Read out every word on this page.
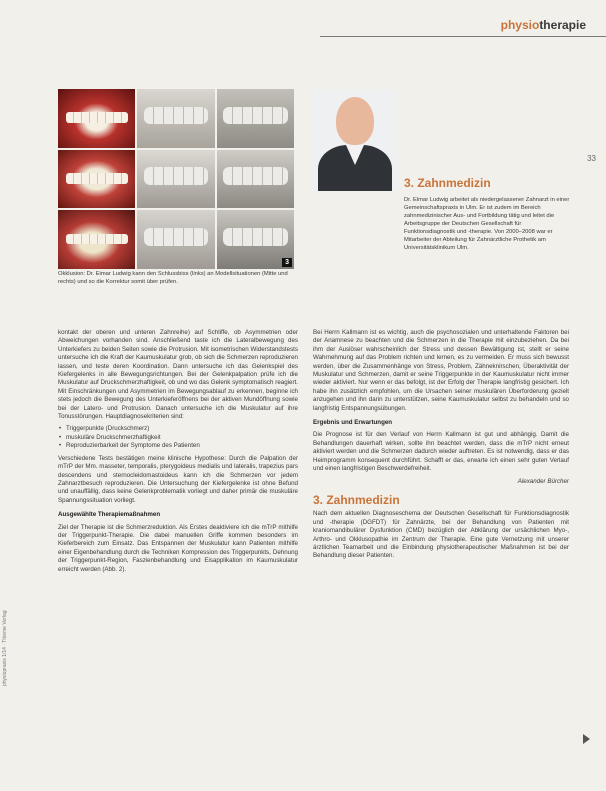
physiotherapie
33
3
Okklusion: Dr. Eimar Ludwig kann den Schlussbiss (links) an Modellsituationen (Mitte und rechts) und so die Korrektur somit über prüfen.
3. Zahnmedizin
Dr. Elmar Ludwig arbeitet als niedergelassener Zahnarzt in einer Gemeinschaftspraxis in Ulm. Er ist zudem im Bereich zahnmedizinischer Aus- und Fortbildung tätig und leitet die Arbeitsgruppe der Deutschen Gesellschaft für Funktionsdiagnostik und -therapie. Von 2000–2008 war er Mitarbeiter der Abteilung für Zahnärztliche Prothetik am Universitätsklinikum Ulm.

kontakt der oberen und unteren Zahnreihe) auf Schliffe, ob Asymmetrien oder Abweichungen vorhanden sind. Anschließend taste ich die Lateralbewegung des Unterkiefers zu beiden Seiten sowie die Protrusion. Mit isometrischen Widerstandstests untersuche ich die Kraft der Kaumuskulatur grob, ob sich die Schmerzen reproduzieren lassen, und teste deren Koordination. Dann untersuche ich das Gelenkspiel des Kiefergelenks in alle Bewegungsrichtungen. Bei der Gelenkpalpation prüfe ich die Muskulatur auf Druckschmerzhaftigkeit, ob und wo das Gelenk symptomatisch reagiert. Mit Einschränkungen und Asymmetrien im Bewegungsablauf zu erkennen, beginne ich stets jedoch die Bewegung des Unterkieferöffnens bei der aktiven Mundöffnung sowie bei der Latero- und Protrusion. Danach untersuche ich die Muskulatur auf ihre Tonusstörungen. Hauptdiagnosekriterien sind:

• Triggerpunkte (Druckschmerz)
• muskuläre Druckschmerzhaftigkeit
• Reproduzierbarkeit der Symptome des Patienten

Verschiedene Tests bestätigen meine klinische Hypothese: Durch die Palpation der mTrP der Mm. masseter, temporalis, pterygoideus medialis und lateralis, trapezius pars descendens und sternocleidomastoideus kann ich die Schmerzen vor jedem Zahnarztbesuch reproduzieren. Die Untersuchung der Kiefergelenke ist ohne Befund und unauffällig, dass keine Gelenkproblematik vorliegt und daher primär die muskuläre Spannungssituation vorliegt.

Ausgewählte Therapiemaßnahmen

Ziel der Therapie ist die Schmerzreduktion. Als Erstes deaktiviere ich die mTrP mithilfe der Triggerpunkt-Therapie. Die dabei manuellen Griffe kommen besonders im Kieferbereich zum Einsatz. Das Entspannen der Muskulatur kann Patienten mithilfe einer Eigenbehandlung durch die Techniken Kompression des Triggerpunkts, Dehnung der Triggerpunkt-Region, Faszienbehandlung und Eisapplikation im Kaumuskulatur erreicht werden (Abb. 2).

Bei Herrn Kallmann ist es wichtig, auch die psychosozialen und unterhaltende Faktoren bei der Anamnese zu beachten und die Schmerzen in die Therapie mit einzubeziehen. Da bei ihm der Auslöser wahrscheinlich der Stress und dessen Bewältigung ist, stellt er seine Wahrnehmung auf das Problem richten und lernen, es zu vermeiden. Er muss sich bewusst werden, über die Zusammenhänge von Stress, Problem, Zähneknirschen, Überaktivität der Muskulatur und Schmerzen, damit er seine Triggerpunkte in der Kaumuskulatur nicht immer wieder aktiviert. Nur wenn er das befolgt, ist der Erfolg der Therapie langfristig gesichert. Ich habe ihn zusätzlich empfohlen, um die Ursachen seiner muskulären Überforderung gezielt anzugehen und ihn darin zu unterstützen, seine Kaumuskulatur selbst zu behandeln und so langfristig Entspannungsübungen.

Ergebnis und Erwartungen

Die Prognose ist für den Verlauf von Herrn Kallmann ist gut und abhängig. Damit die Behandlungen dauerhaft wirken, sollte ihn beachtet werden, dass die mTrP nicht erneut aktiviert werden und die Schmerzen dadurch wieder auftreten. Es ist notwendig, dass er das Heimprogramm konsequent durchführt. Schafft er das, erwarte ich einen sehr guten Verlauf und einen langfristigen Beschwerdefreiheit.

Alexander Bürcher

3. Zahnmedizin

Nach dem aktuellen Diagnoseschema der Deutschen Gesellschaft für Funktionsdiagnostik und -therapie (DGFDT) für Zahnärzte, bei der Behandlung von Patienten mit kraniomandibulärer Dysfunktion (CMD) bezüglich der Abklärung der ursächlichen Myo-, Arthro- und Okklusopathie im Zentrum der Therapie. Eine gute Vernetzung mit unserer ärztlichen Teamarbeit und die Einbindung physiotherapeutischer Maßnahmen ist bei der Behandlung dieser Patienten.

physiopraxis 1/14 · Thieme Verlag
